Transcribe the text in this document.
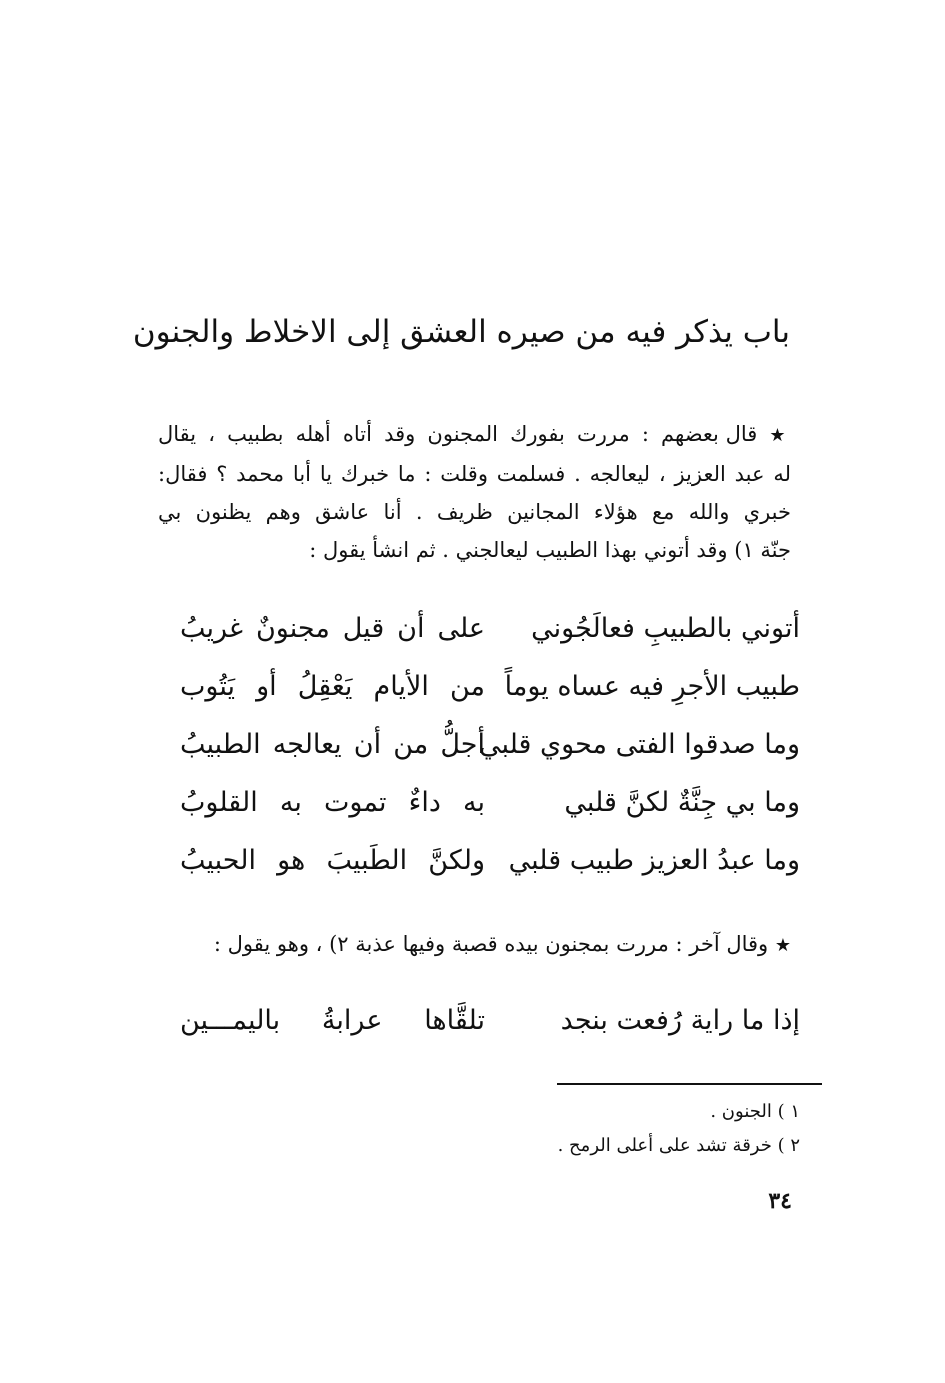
باب يذكر فيه من صيره العشق إلى الاخلاط والجنون

★ قال بعضهم : مررت بفورك المجنون وقد أتاه أهله بطبيب ، يقال

له عبد العزيز ، ليعالجه . فسلمت وقلت : ما خبرك يا أبا محمد ؟ فقال:

خبري والله مع هؤلاء المجانين ظريف . أنا عاشق وهم يظنون بي

جنّة ١) وقد أتوني بهذا الطبيب ليعالجني . ثم انشأ يقول :

أتوني بالطبيبِ فعالَجُوني
على أن قيل مجنونٌ غريبُ
طبيب الأجرِ فيه عساه يوماً
من الأيام يَعْقِلُ أو يَتُوب
وما صدقوا الفتى محوي قلبي
أجلُّ من أن يعالجه الطبيبُ
وما بي جِنَّةٌ لكنَّ قلبي
به داءٌ تموت به القلوبُ
وما عبدُ العزيز طبيب قلبي
ولكنَّ الطَبيبَ هو الحبيبُ

★ وقال آخر : مررت بمجنون بيده قصبة وفيها عذبة ٢) ، وهو يقول :

إذا ما راية رُفعت بنجد
تلقَّاها عرابةُ باليمـــين

١ ) الجنون .

٢ ) خرقة تشد على أعلى الرمح .

٣٤
